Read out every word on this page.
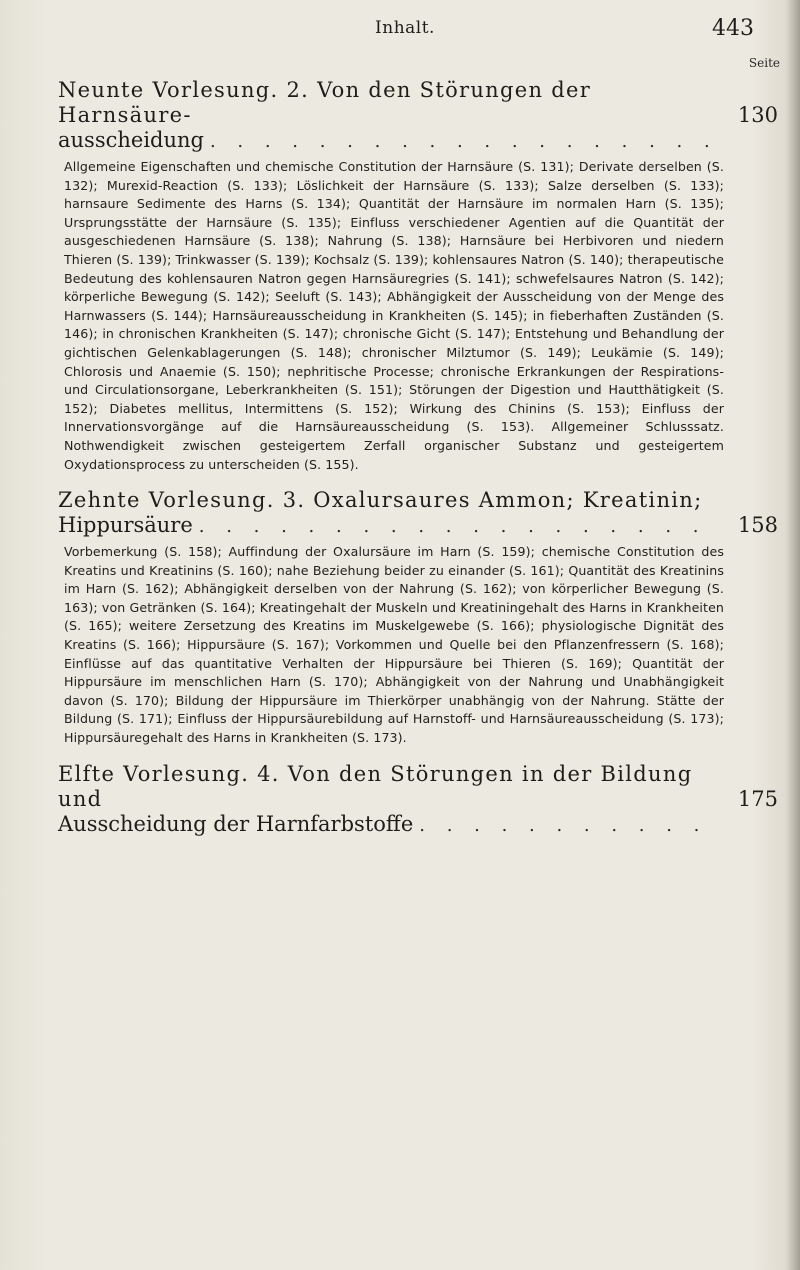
Inhalt.	443
Seite
Neunte Vorlesung. 2. Von den Störungen der Harnsäure-
ausscheidung
. . .
130

Allgemeine Eigenschaften und chemische Constitution der Harnsäure (S. 131); Derivate derselben (S. 132); Murexid-Reaction (S. 133); Löslichkeit der Harnsäure (S. 133); Salze derselben (S. 133); harnsaure Sedimente des Harns (S. 134); Quantität der Harnsäure im normalen Harn (S. 135); Ursprungsstätte der Harnsäure (S. 135); Einfluss verschiedener Agentien auf die Quantität der ausgeschiedenen Harnsäure (S. 138); Nahrung (S. 138); Harnsäure bei Herbivoren und niedern Thieren (S. 139); Trinkwasser (S. 139); Kochsalz (S. 139); kohlensaures Natron (S. 140); therapeutische Bedeutung des kohlensauren Natron gegen Harnsäuregries (S. 141); schwefelsaures Natron (S. 142); körperliche Bewegung (S. 142); Seeluft (S. 143); Abhängigkeit der Ausscheidung von der Menge des Harnwassers (S. 144); Harnsäureausscheidung in Krankheiten (S. 145); in fieberhaften Zuständen (S. 146); in chronischen Krankheiten (S. 147); chronische Gicht (S. 147); Entstehung und Behandlung der gichtischen Gelenkablagerungen (S. 148); chronischer Milztumor (S. 149); Leukämie (S. 149); Chlorosis und Anaemie (S. 150); nephritische Processe; chronische Erkrankungen der Respirations- und Circulationsorgane, Leberkrankheiten (S. 151); Störungen der Digestion und Hautthätigkeit (S. 152); Diabetes mellitus, Intermittens (S. 152); Wirkung des Chinins (S. 153); Einfluss der Innervationsvorgänge auf die Harnsäureausscheidung (S. 153). Allgemeiner Schlusssatz. Nothwendigkeit zwischen gesteigertem Zerfall organischer Substanz und gesteigertem Oxydationsprocess zu unterscheiden (S. 155).

Zehnte Vorlesung. 3. Oxalursaures Ammon; Kreatinin;
Hippursäure
. . .	158

Vorbemerkung (S. 158); Auffindung der Oxalursäure im Harn (S. 159); chemische Constitution des Kreatins und Kreatinins (S. 160); nahe Beziehung beider zu einander (S. 161); Quantität des Kreatinins im Harn (S. 162); Abhängigkeit derselben von der Nahrung (S. 162); von körperlicher Bewegung (S. 163); von Getränken (S. 164); Kreatingehalt der Muskeln und Kreatiningehalt des Harns in Krankheiten (S. 165); weitere Zersetzung des Kreatins im Muskelgewebe (S. 166); physiologische Dignität des Kreatins (S. 166); Hippursäure (S. 167); Vorkommen und Quelle bei den Pflanzenfressern (S. 168); Einflüsse auf das quantitative Verhalten der Hippursäure bei Thieren (S. 169); Quantität der Hippursäure im menschlichen Harn (S. 170); Abhängigkeit von der Nahrung und Unabhängigkeit davon (S. 170); Bildung der Hippursäure im Thierkörper unabhängig von der Nahrung. Stätte der Bildung (S. 171); Einfluss der Hippursäurebildung auf Harnstoff- und Harnsäureausscheidung (S. 173); Hippursäuregehalt des Harns in Krankheiten (S. 173).

Elfte Vorlesung. 4. Von den Störungen in der Bildung und
Ausscheidung der Harnfarbstoffe
. . .
175
